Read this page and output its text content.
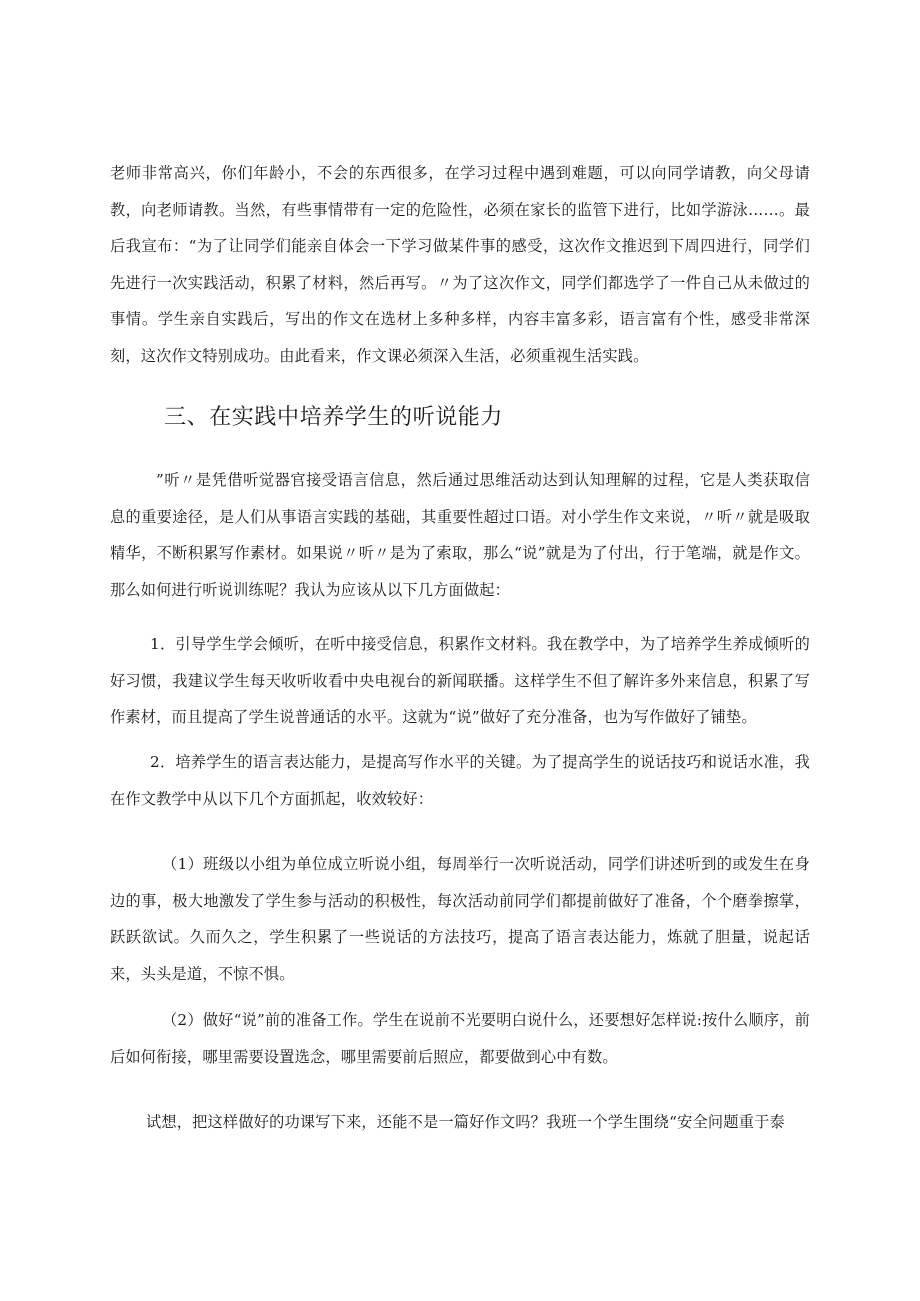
老师非常高兴，你们年龄小，不会的东西很多，在学习过程中遇到难题，可以向同学请教，向父母请教，向老师请教。当然，有些事情带有一定的危险性，必须在家长的监管下进行，比如学游泳……。最后我宣布：“为了让同学们能亲自体会一下学习做某件事的感受，这次作文推迟到下周四进行，同学们先进行一次实践活动，积累了材料，然后再写。〃为了这次作文，同学们都选学了一件自己从未做过的事情。学生亲自实践后，写出的作文在选材上多种多样，内容丰富多彩，语言富有个性，感受非常深刻，这次作文特别成功。由此看来，作文课必须深入生活，必须重视生活实践。

三、在实践中培养学生的听说能力

”听〃是凭借听觉器官接受语言信息，然后通过思维活动达到认知理解的过程，它是人类获取信息的重要途径，是人们从事语言实践的基础，其重要性超过口语。对小学生作文来说，〃听〃就是吸取精华，不断积累写作素材。如果说〃听〃是为了索取，那么“说”就是为了付出，行于笔端，就是作文。那么如何进行听说训练呢？我认为应该从以下几方面做起：

1．引导学生学会倾听，在听中接受信息，积累作文材料。我在教学中，为了培养学生养成倾听的好习惯，我建议学生每天收听收看中央电视台的新闻联播。这样学生不但了解许多外来信息，积累了写作素材，而且提高了学生说普通话的水平。这就为“说”做好了充分准备，也为写作做好了铺垫。

2．培养学生的语言表达能力，是提高写作水平的关键。为了提高学生的说话技巧和说话水准，我在作文教学中从以下几个方面抓起，收效较好：

（1）班级以小组为单位成立听说小组，每周举行一次听说活动，同学们讲述听到的或发生在身边的事，极大地激发了学生参与活动的积极性，每次活动前同学们都提前做好了准备，个个磨拳擦掌，跃跃欲试。久而久之，学生积累了一些说话的方法技巧，提高了语言表达能力，炼就了胆量，说起话来，头头是道，不惊不惧。

（2）做好“说”前的准备工作。学生在说前不光要明白说什么，还要想好怎样说:按什么顺序，前后如何衔接，哪里需要设置选念，哪里需要前后照应，都要做到心中有数。

试想，把这样做好的功课写下来，还能不是一篇好作文吗？我班一个学生围绕“安全问题重于泰
